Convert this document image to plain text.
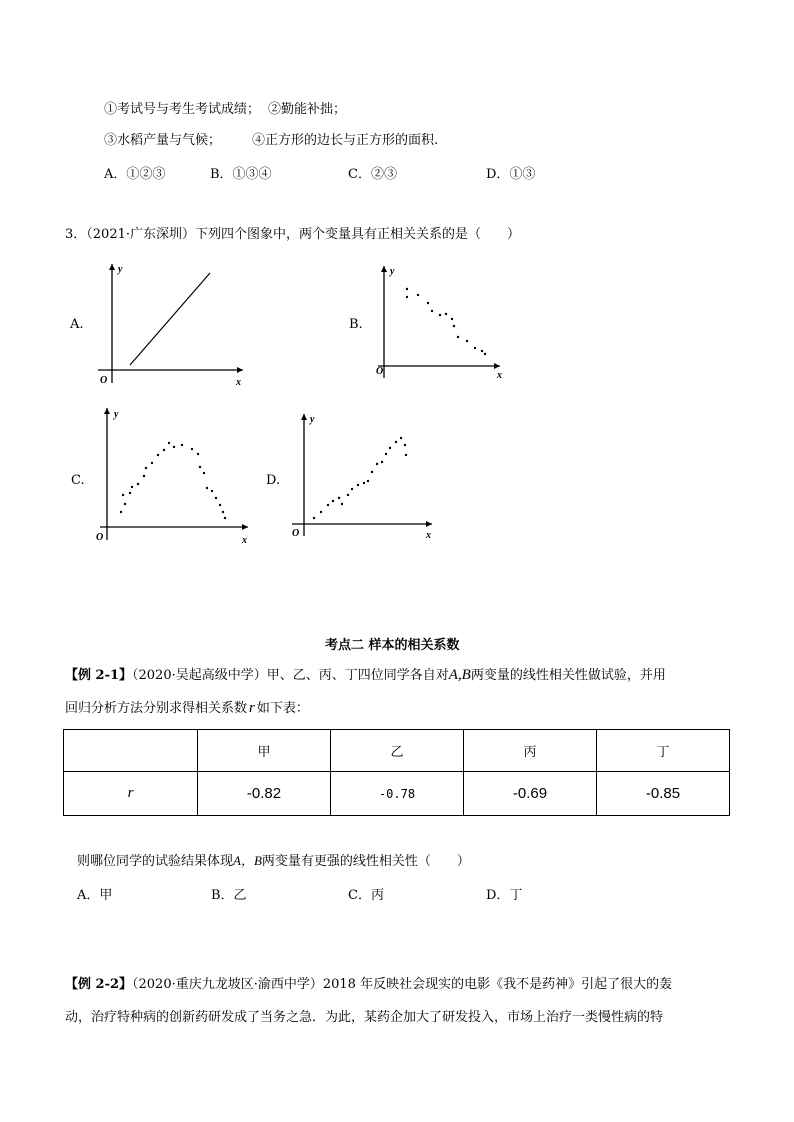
①考试号与考生考试成绩； ②勤能补拙；
③水稻产量与气候； ④正方形的边长与正方形的面积.
A．①②③	B．①③④	C．②③	D．①③
3．（2021·广东深圳）下列四个图象中，两个变量具有正相关关系的是（　　）
A.
y
x
O
B.
y
x
O
C.
y
x
O
D.
y
x
O
考点二 样本的相关系数
【例 2-1】（2020·吴起高级中学）甲、乙、丙、丁四位同学各自对A,B两变量的线性相关性做试验，并用
回归分析方法分别求得相关系数 r 如下表：
	甲	乙	丙	丁
r	-0.82	-0.78	-0.69	-0.85
则哪位同学的试验结果体现A，B两变量有更强的线性相关性（　　）
A．甲	B．乙	C．丙	D．丁
【例 2-2】（2020·重庆九龙坡区·渝西中学）2018 年反映社会现实的电影《我不是药神》引起了很大的轰
动，治疗特种病的创新药研发成了当务之急．为此，某药企加大了研发投入，市场上治疗一类慢性病的特
